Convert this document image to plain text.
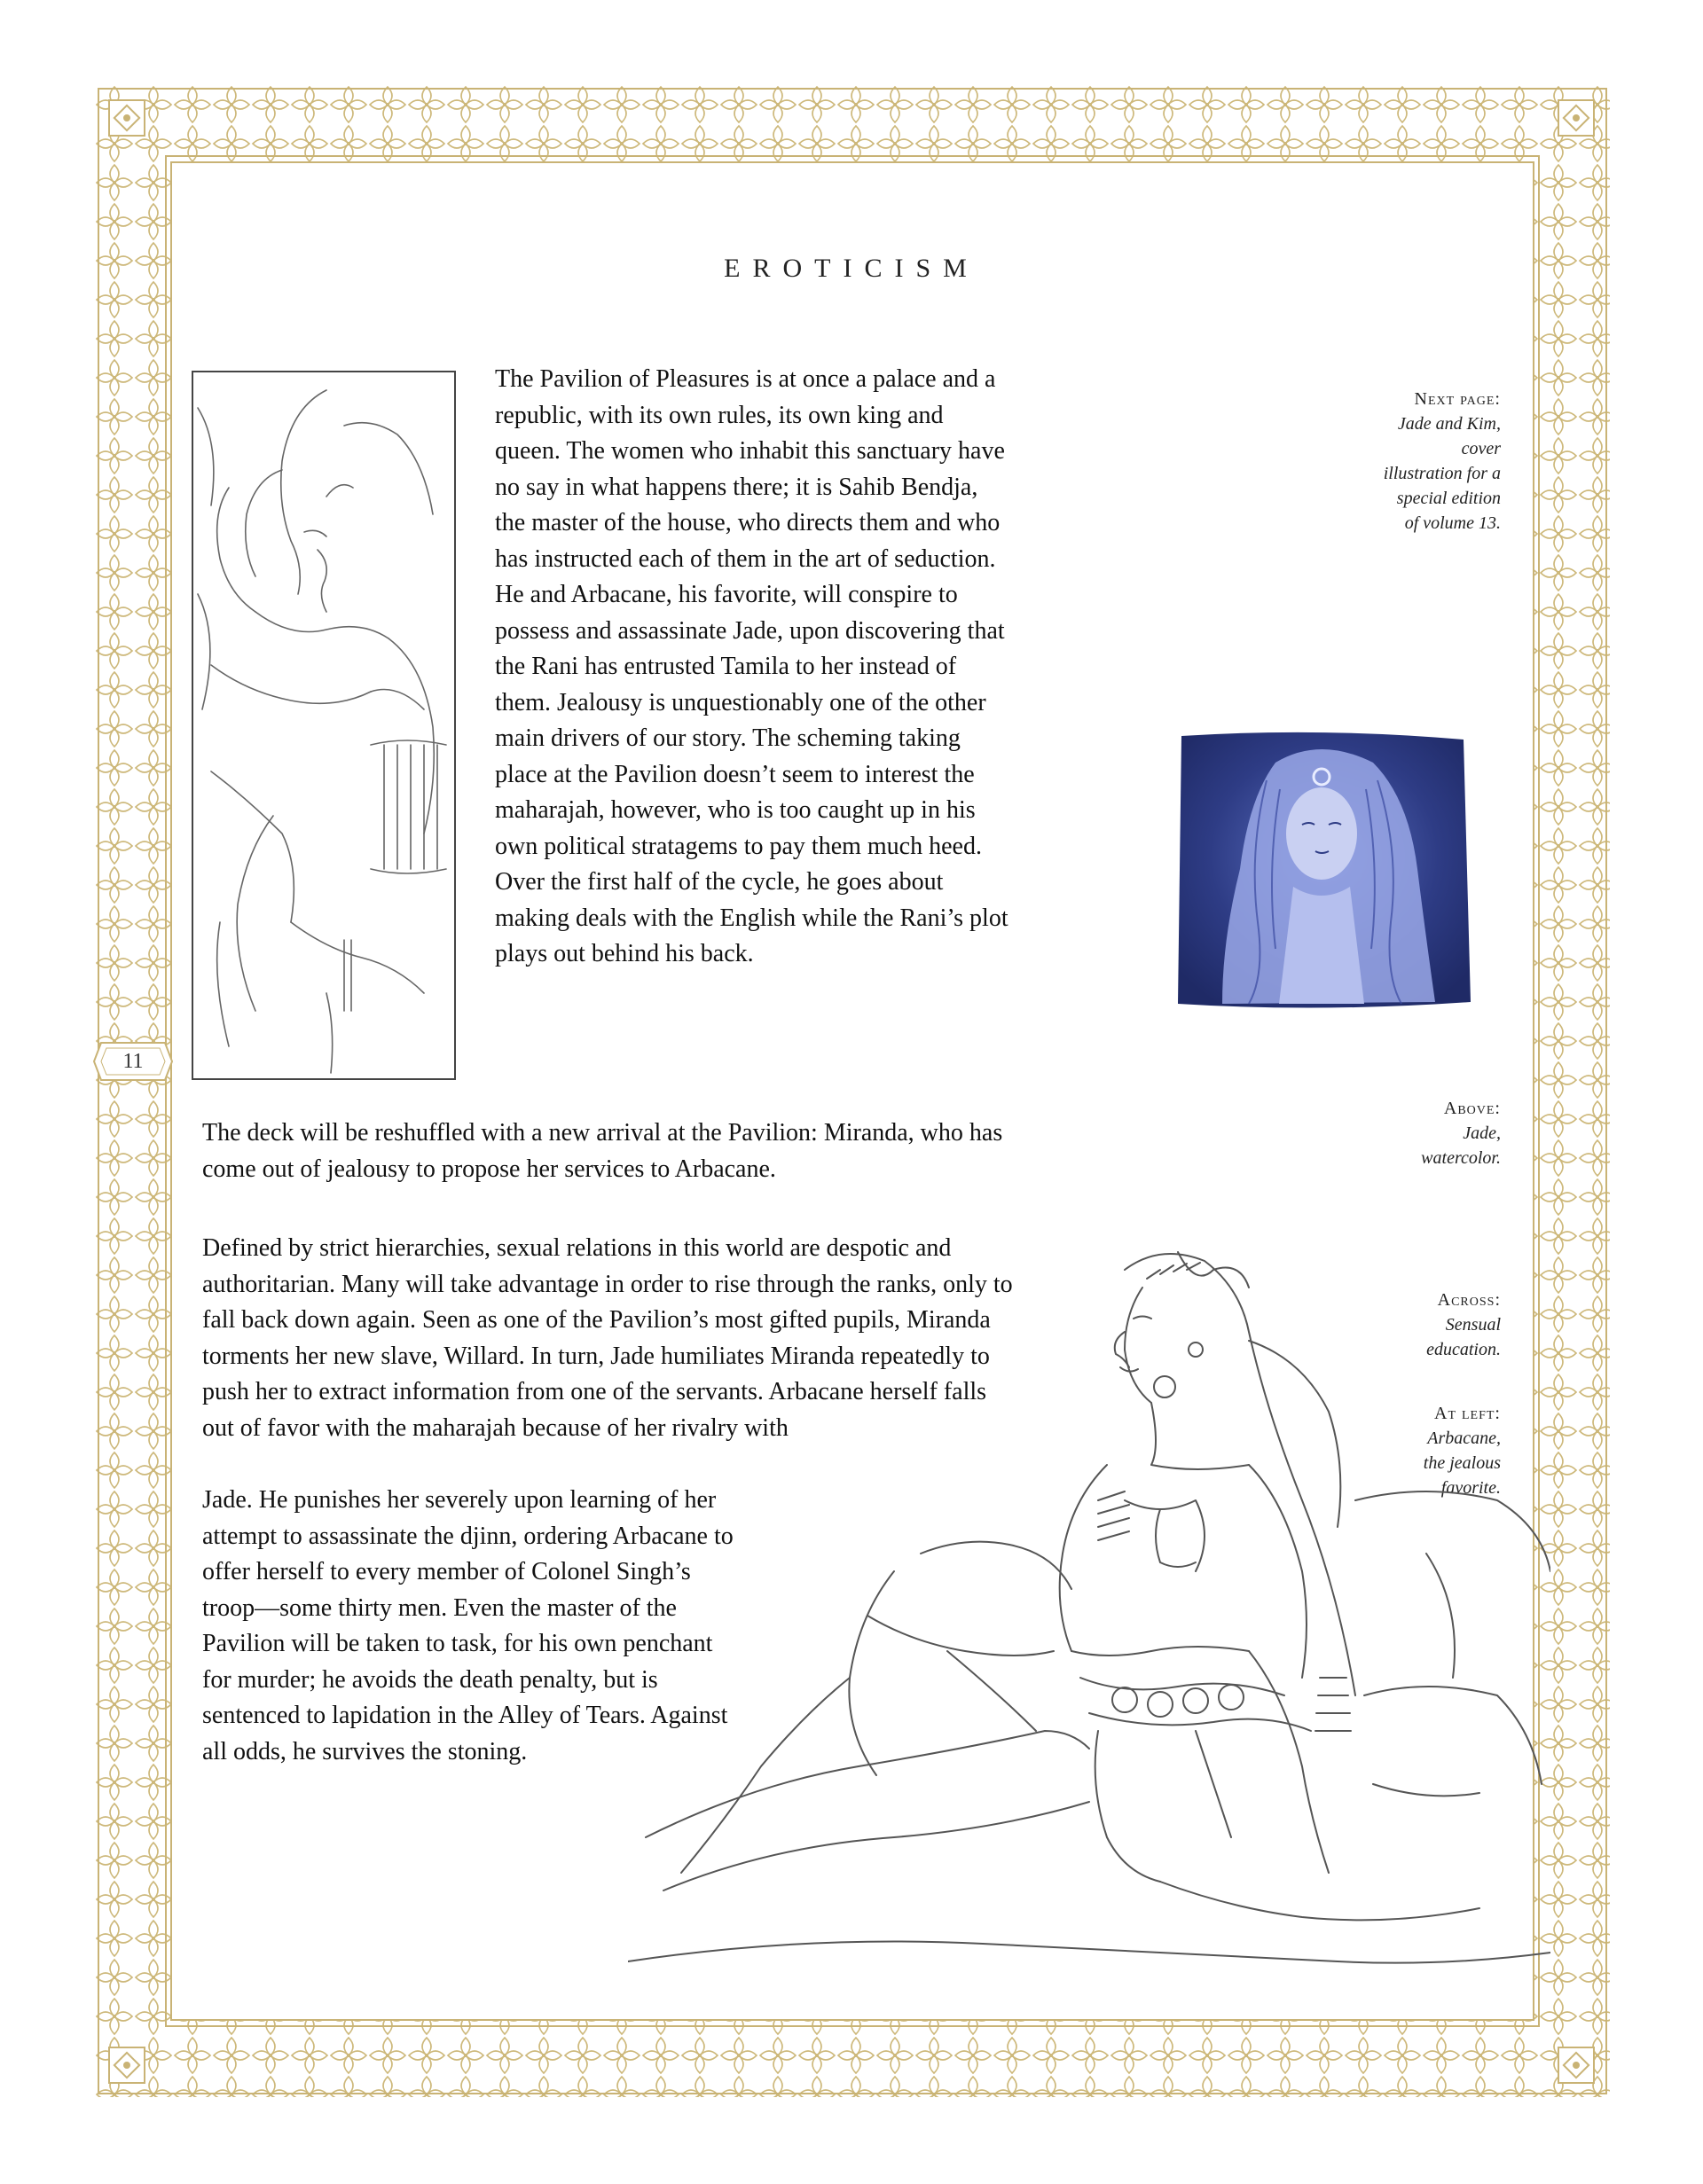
11
EROTICISM

The Pavilion of Pleasures is at once a palace and a republic, with its own rules, its own king and queen. The women who inhabit this sanctuary have no say in what happens there; it is Sahib Bendja, the master of the house, who directs them and who has instructed each of them in the art of seduction. He and Arbacane, his favorite, will conspire to possess and assassinate Jade, upon discovering that the Rani has entrusted Tamila to her instead of them. Jealousy is unquestionably one of the other main drivers of our story. The scheming taking place at the Pavilion doesn’t seem to interest the maharajah, however, who is too caught up in his own political stratagems to pay them much heed. Over the first half of the cycle, he goes about making deals with the English while the Rani’s plot plays out behind his back.

The deck will be reshuffled with a new arrival at the Pavilion: Miranda, who has come out of jealousy to propose her services to Arbacane.

Defined by strict hierarchies, sexual relations in this world are despotic and authoritarian. Many will take advantage in order to rise through the ranks, only to fall back down again. Seen as one of the Pavilion’s most gifted pupils, Miranda torments her new slave, Willard. In turn, Jade humiliates Miranda repeatedly to push her to extract information from one of the servants. Arbacane herself falls out of favor with the maharajah because of her rivalry with

Jade. He punishes her severely upon learning of her attempt to assassinate the djinn, ordering Arbacane to offer herself to every member of Colonel Singh’s troop—some thirty men. Even the master of the Pavilion will be taken to task, for his own penchant for murder; he avoids the death penalty, but is sentenced to lapidation in the Alley of Tears. Against all odds, he survives the stoning.

Next page:
Jade and Kim,
cover
illustration for a
special edition
of volume 13.
Above:
Jade,
watercolor.
Across:
Sensual
education.
At left:
Arbacane,
the jealous
favorite.
